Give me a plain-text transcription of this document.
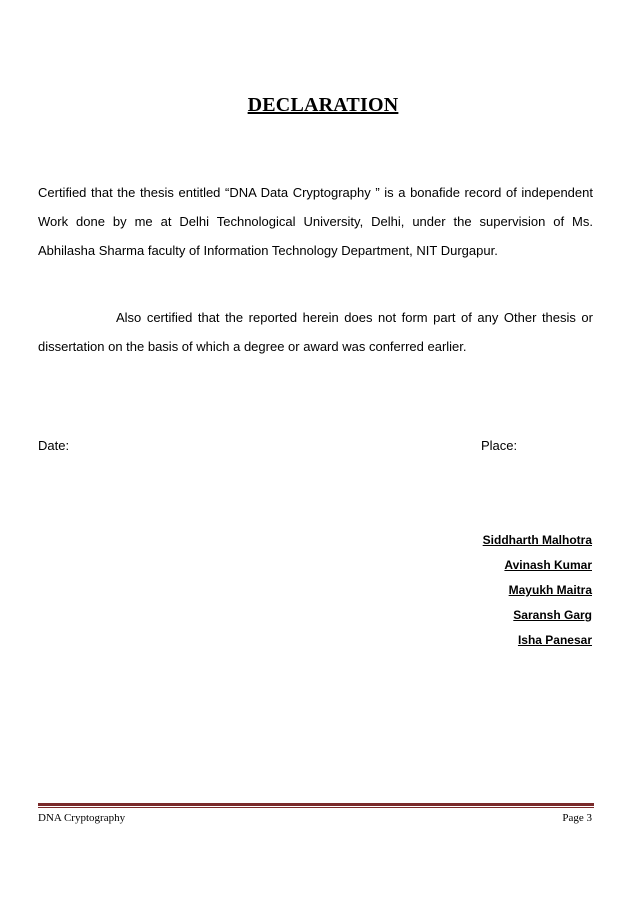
DECLARATION
Certified that the thesis entitled “DNA Data Cryptography ” is a bonafide record of independent Work done by me at Delhi Technological University, Delhi, under the supervision of Ms. Abhilasha Sharma faculty of Information Technology Department, NIT Durgapur.
Also certified that the reported herein does not form part of any Other thesis or dissertation on the basis of which a degree or award was conferred earlier.
Date:	Place:
Siddharth Malhotra
Avinash Kumar
Mayukh Maitra
Saransh Garg
Isha Panesar
DNA Cryptography	Page 3
